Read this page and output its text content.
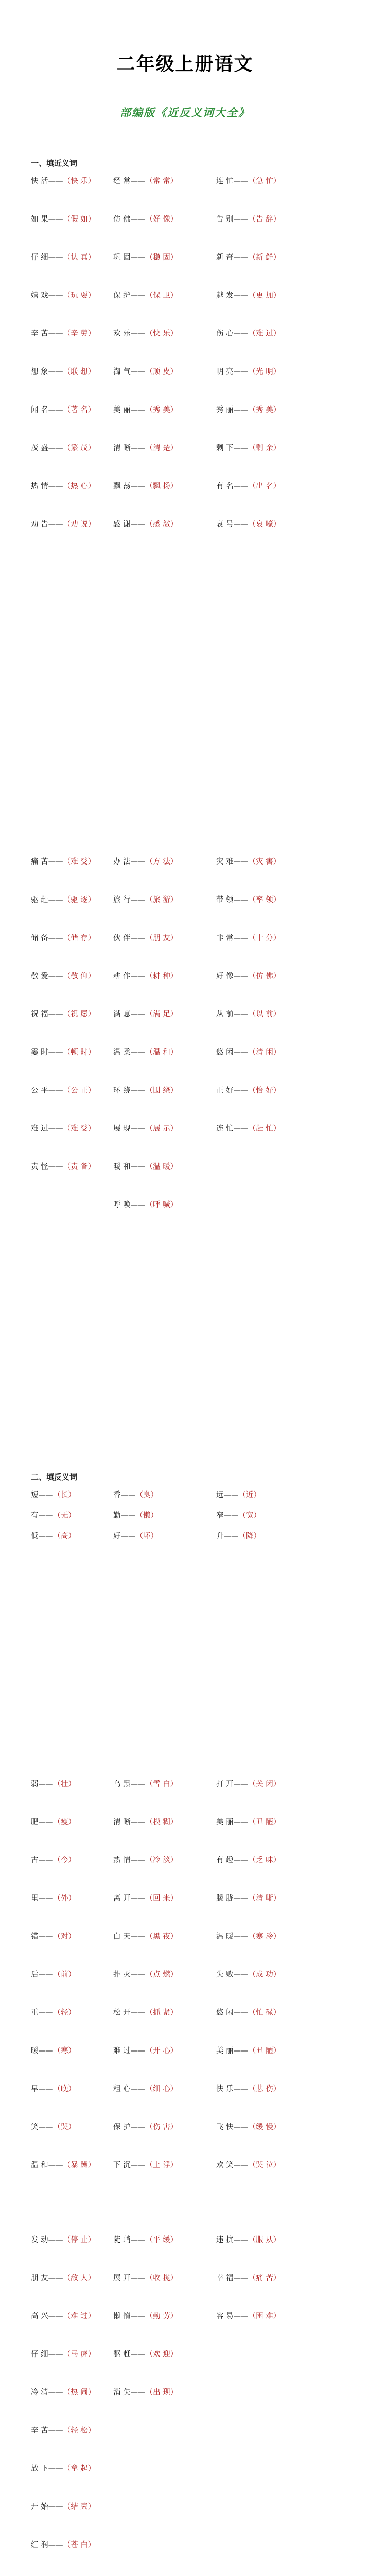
二年级上册语文
部编版《近反义词大全》
一、填近义词
快 活——（快 乐）	经 常——（常 常）	连 忙——（急 忙）
如 果——（假 如）	仿 佛——（好 像）	告 别——（告 辞）
仔 细——（认 真）	巩 固——（稳 固）	新 奇——（新 鲜）
嬉 戏——（玩 耍）	保 护——（保 卫）	越 发——（更 加）
辛 苦——（辛 劳）	欢 乐——（快 乐）	伤 心——（难 过）
想 象——（联 想）	淘 气——（顽 皮）	明 亮——（光 明）
闻 名——（著 名）	美 丽——（秀 美）	秀 丽——（秀 美）
茂 盛——（繁 茂）	清 晰——（清 楚）	剩 下——（剩 余）
热 情——（热 心）	飘 荡——（飘 扬）	有 名——（出 名）
劝 告——（劝 说）	感 谢——（感 激）	哀 号——（哀 嚎）
痛 苦——（难 受）	办 法——（方 法）	灾 难——（灾 害）
驱 赶——（驱 逐）	旅 行——（旅 游）	带 领——（率 领）
储 备——（储 存）	伙 伴——（朋 友）	非 常——（十 分）
敬 爱——（敬 仰）	耕 作——（耕 种）	好 像——（仿 佛）
祝 福——（祝 愿）	满 意——（满 足）	从 前——（以 前）
霎 时——（顿 时）	温 柔——（温 和）	悠 闲——（清 闲）
公 平——（公 正）	环 绕——（围 绕）	正 好——（恰 好）
难 过——（难 受）	展 现——（展 示）	连 忙——（赶 忙）
责 怪——（责 备）	暖 和——（温 暖）
呼 唤——（呼 喊）
二、填反义词
短——（长）	香——（臭）	远——（近）
有——（无）	勤——（懒）	窄——（宽）
低——（高）	好——（坏）	升——（降）
弱——（壮）	乌 黑——（雪 白）	打 开——（关 闭）
肥——（瘦）	清 晰——（模 糊）	美 丽——（丑 陋）
古——（今）	热 情——（冷 淡）	有 趣——（乏 味）
里——（外）	离 开——（回 来）	朦 胧——（清 晰）
错——（对）	白 天——（黑 夜）	温 暖——（寒 冷）
后——（前）	扑 灭——（点 燃）	失 败——（成 功）
重——（轻）	松 开——（抓 紧）	悠 闲——（忙 碌）
暖——（寒）	难 过——（开 心）	美 丽——（丑 陋）
早——（晚）	粗 心——（细 心）	快 乐——（悲 伤）
笑——（哭）	保 护——（伤 害）	飞 快——（缓 慢）
温 和——（暴 躁）	下 沉——（上 浮）	欢 笑——（哭 泣）
发 动——（停 止）	陡 峭——（平 缓）	违 抗——（服 从）
朋 友——（敌 人）	展 开——（收 拢）	幸 福——（痛 苦）
高 兴——（难 过）	懒 惰——（勤 劳）	容 易——（困 难）
仔 细——（马 虎）	驱 赶——（欢 迎）
冷 清——（热 闹）	消 失——（出 现）
辛 苦——（轻 松）
放 下——（拿 起）
开 始——（结 束）
红 润——（苍 白）
